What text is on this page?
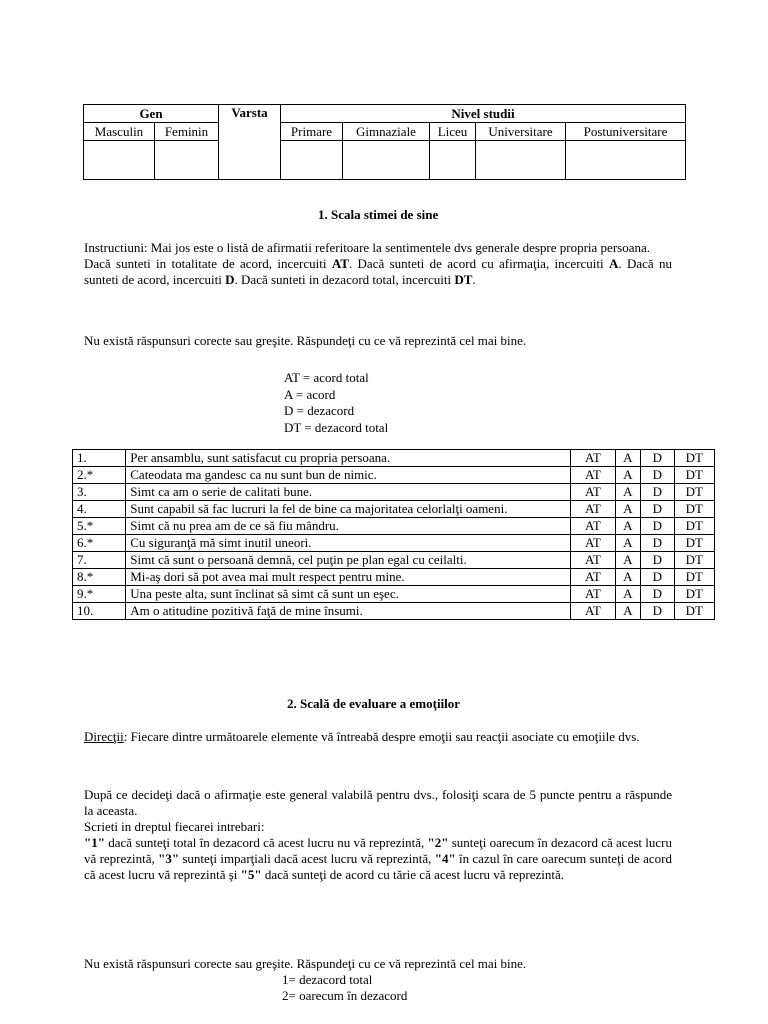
Gen		Varsta	Nivel studii				
Masculin	Feminin		Primare	Gimnaziale	Liceu	Universitare	Postuniversitare

1. Scala stimei de sine
Instructiuni: Mai jos este o listă de afirmatii referitoare la sentimentele dvs generale despre propria persoana.
Dacă sunteti in totalitate de acord, incercuiti AT. Dacă sunteti de acord cu afirmaţia, incercuiti A. Dacă nu sunteti de acord, incercuiti D. Dacă sunteti in dezacord total, incercuiti DT.
Nu există răspunsuri corecte sau greşite. Răspundeţi cu ce vă reprezintă cel mai bine.
AT = acord total
A = acord
D = dezacord
DT = dezacord total
1.	Per ansamblu, sunt satisfacut cu propria persoana.	AT	A	D	DT
2.*	Cateodata ma gandesc ca nu sunt bun de nimic.	AT	A	D	DT
3.	Simt ca am o serie de calitati bune.	AT	A	D	DT
4.	Sunt capabil să fac lucruri la fel de bine ca majoritatea celorlalţi oameni.	AT	A	D	DT
5.*	Simt că nu prea am de ce să fiu mândru.	AT	A	D	DT
6.*	Cu siguranţă mă simt inutil uneori.	AT	A	D	DT
7.	Simt că sunt o persoană demnă, cel puţin pe plan egal cu ceilalti.	AT	A	D	DT
8.*	Mi-aş dori să pot avea mai mult respect pentru mine.	AT	A	D	DT
9.*	Una peste alta, sunt înclinat să simt că sunt un eşec.	AT	A	D	DT
10.	Am o atitudine pozitivă faţă de mine însumi.	AT	A	D	DT
2. Scală de evaluare a emoţiilor
Direcţii: Fiecare dintre următoarele elemente vă întreabă despre emoţii sau reacţii asociate cu emoţiile dvs.
După ce decideţi dacă o afirmaţie este general valabilă pentru dvs., folosiţi scara de 5 puncte pentru a răspunde la aceasta.
Scrieti in dreptul fiecarei intrebari:
"1" dacă sunteţi total în dezacord că acest lucru nu vă reprezintă, "2" sunteţi oarecum în dezacord că acest lucru vă reprezintă, "3" sunteţi imparţiali dacă acest lucru vă reprezintă, "4" în cazul în care oarecum sunteţi de acord că acest lucru vă reprezintă şi "5" dacă sunteţi de acord cu tărie că acest lucru vă reprezintă.
Nu există răspunsuri corecte sau greşite. Răspundeţi cu ce vă reprezintă cel mai bine.
1= dezacord total
2= oarecum în dezacord
